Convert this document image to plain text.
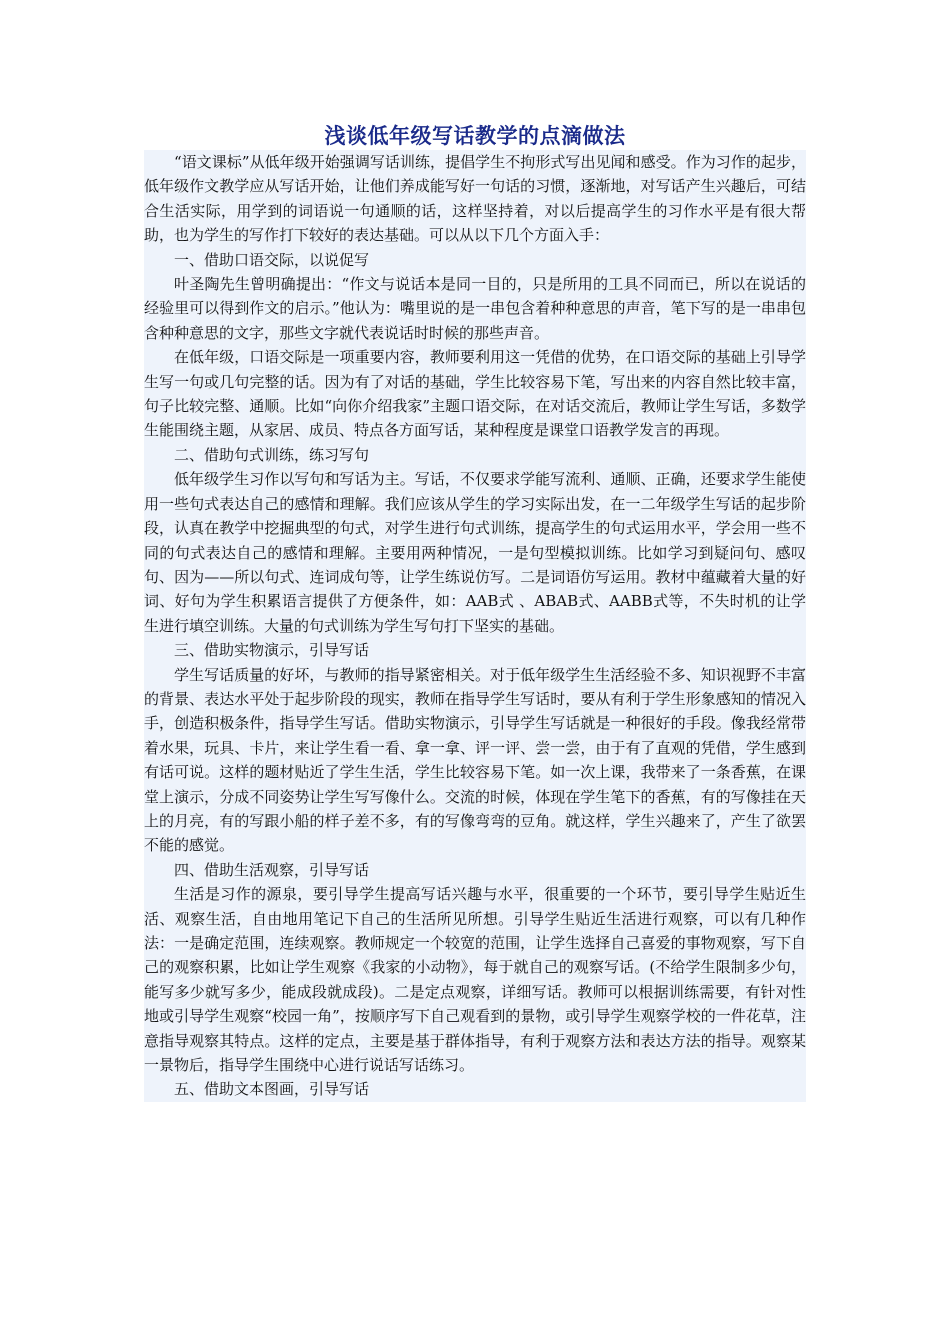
浅谈低年级写话教学的点滴做法

“语文课标”从低年级开始强调写话训练，提倡学生不拘形式写出见闻和感受。作为习作的起步，低年级作文教学应从写话开始，让他们养成能写好一句话的习惯，逐渐地，对写话产生兴趣后，可结合生活实际，用学到的词语说一句通顺的话，这样坚持着，对以后提高学生的习作水平是有很大帮助，也为学生的写作打下较好的表达基础。可以从以下几个方面入手：

一、借助口语交际，以说促写

叶圣陶先生曾明确提出：“作文与说话本是同一目的，只是所用的工具不同而已，所以在说话的经验里可以得到作文的启示。”他认为：嘴里说的是一串包含着种种意思的声音，笔下写的是一串串包含种种意思的文字，那些文字就代表说话时时候的那些声音。

在低年级，口语交际是一项重要内容，教师要利用这一凭借的优势，在口语交际的基础上引导学生写一句或几句完整的话。因为有了对话的基础，学生比较容易下笔，写出来的内容自然比较丰富，句子比较完整、通顺。比如“向你介绍我家”主题口语交际，在对话交流后，教师让学生写话，多数学生能围绕主题，从家居、成员、特点各方面写话，某种程度是课堂口语教学发言的再现。

二、借助句式训练，练习写句

低年级学生习作以写句和写话为主。写话，不仅要求学能写流利、通顺、正确，还要求学生能使用一些句式表达自己的感情和理解。我们应该从学生的学习实际出发，在一二年级学生写话的起步阶段，认真在教学中挖掘典型的句式，对学生进行句式训练，提高学生的句式运用水平，学会用一些不同的句式表达自己的感情和理解。主要用两种情况，一是句型模拟训练。比如学习到疑问句、感叹句、因为——所以句式、连词成句等，让学生练说仿写。二是词语仿写运用。教材中蕴藏着大量的好词、好句为学生积累语言提供了方便条件，如：AAB式 、ABAB式、AABB式等，不失时机的让学生进行填空训练。大量的句式训练为学生写句打下坚实的基础。

三、借助实物演示，引导写话

学生写话质量的好坏，与教师的指导紧密相关。对于低年级学生生活经验不多、知识视野不丰富的背景、表达水平处于起步阶段的现实，教师在指导学生写话时，要从有利于学生形象感知的情况入手，创造积极条件，指导学生写话。借助实物演示，引导学生写话就是一种很好的手段。像我经常带着水果，玩具、卡片，来让学生看一看、拿一拿、评一评、尝一尝，由于有了直观的凭借，学生感到有话可说。这样的题材贴近了学生生活，学生比较容易下笔。如一次上课，我带来了一条香蕉，在课堂上演示，分成不同姿势让学生写写像什么。交流的时候，体现在学生笔下的香蕉，有的写像挂在天上的月亮，有的写跟小船的样子差不多，有的写像弯弯的豆角。就这样，学生兴趣来了，产生了欲罢不能的感觉。

四、借助生活观察，引导写话

生活是习作的源泉，要引导学生提高写话兴趣与水平，很重要的一个环节，要引导学生贴近生活、观察生活，自由地用笔记下自己的生活所见所想。引导学生贴近生活进行观察，可以有几种作法：一是确定范围，连续观察。教师规定一个较宽的范围，让学生选择自己喜爱的事物观察，写下自己的观察积累，比如让学生观察《我家的小动物》，每于就自己的观察写话。(不给学生限制多少句，能写多少就写多少，能成段就成段)。二是定点观察，详细写话。教师可以根据训练需要，有针对性地或引导学生观察“校园一角”，按顺序写下自己观看到的景物，或引导学生观察学校的一件花草，注意指导观察其特点。这样的定点，主要是基于群体指导，有利于观察方法和表达方法的指导。观察某一景物后，指导学生围绕中心进行说话写话练习。

五、借助文本图画，引导写话
